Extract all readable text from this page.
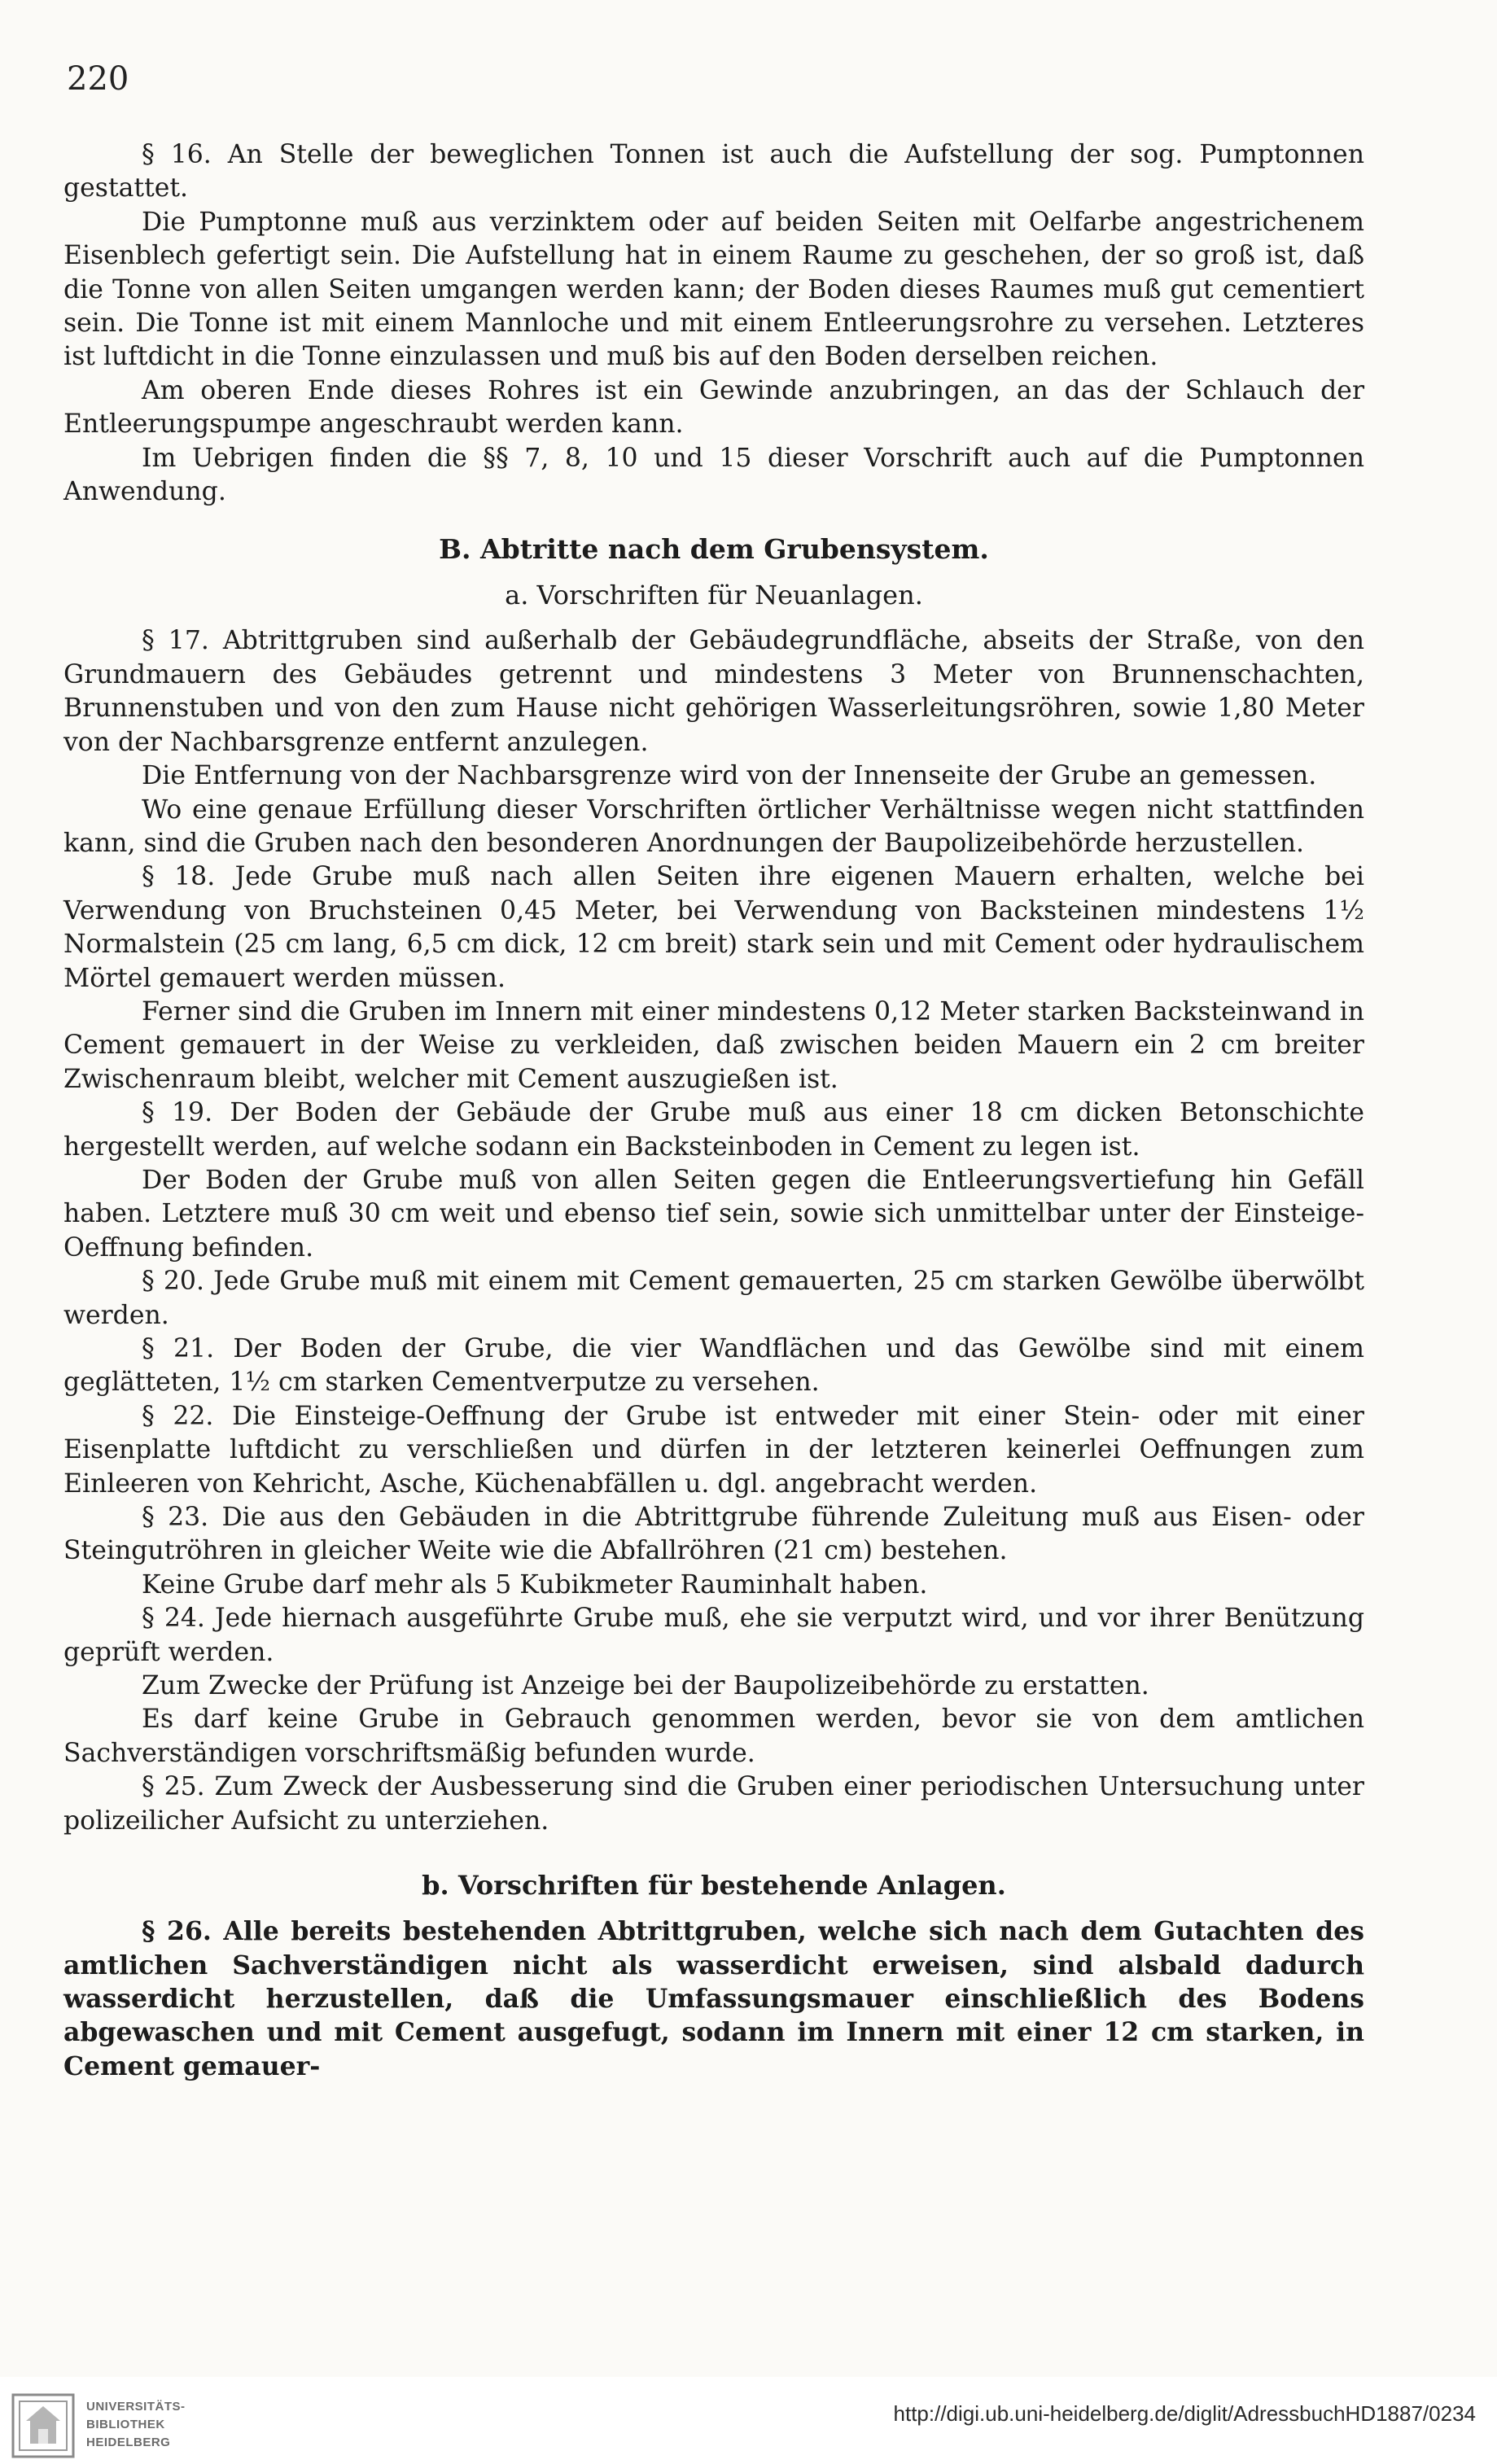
220

§ 16. An Stelle der beweglichen Tonnen ist auch die Aufstellung der sog. Pumptonnen gestattet.

Die Pumptonne muß aus verzinktem oder auf beiden Seiten mit Oelfarbe angestrichenem Eisenblech gefertigt sein. Die Aufstellung hat in einem Raume zu geschehen, der so groß ist, daß die Tonne von allen Seiten umgangen werden kann; der Boden dieses Raumes muß gut cementiert sein. Die Tonne ist mit einem Mannloche und mit einem Entleerungsrohre zu versehen. Letzteres ist luftdicht in die Tonne einzulassen und muß bis auf den Boden derselben reichen.

Am oberen Ende dieses Rohres ist ein Gewinde anzubringen, an das der Schlauch der Entleerungspumpe angeschraubt werden kann.

Im Uebrigen finden die §§ 7, 8, 10 und 15 dieser Vorschrift auch auf die Pumptonnen Anwendung.

B. Abtritte nach dem Grubensystem.

a. Vorschriften für Neuanlagen.

§ 17. Abtrittgruben sind außerhalb der Gebäudegrundfläche, abseits der Straße, von den Grundmauern des Gebäudes getrennt und mindestens 3 Meter von Brunnenschachten, Brunnenstuben und von den zum Hause nicht gehörigen Wasserleitungsröhren, sowie 1,80 Meter von der Nachbarsgrenze entfernt anzulegen.

Die Entfernung von der Nachbarsgrenze wird von der Innenseite der Grube an gemessen.

Wo eine genaue Erfüllung dieser Vorschriften örtlicher Verhältnisse wegen nicht stattfinden kann, sind die Gruben nach den besonderen Anordnungen der Baupolizeibehörde herzustellen.

§ 18. Jede Grube muß nach allen Seiten ihre eigenen Mauern erhalten, welche bei Verwendung von Bruchsteinen 0,45 Meter, bei Verwendung von Backsteinen mindestens 1½ Normalstein (25 cm lang, 6,5 cm dick, 12 cm breit) stark sein und mit Cement oder hydraulischem Mörtel gemauert werden müssen.

Ferner sind die Gruben im Innern mit einer mindestens 0,12 Meter starken Backsteinwand in Cement gemauert in der Weise zu verkleiden, daß zwischen beiden Mauern ein 2 cm breiter Zwischenraum bleibt, welcher mit Cement auszugießen ist.

§ 19. Der Boden der Gebäude der Grube muß aus einer 18 cm dicken Betonschichte hergestellt werden, auf welche sodann ein Backsteinboden in Cement zu legen ist.

Der Boden der Grube muß von allen Seiten gegen die Entleerungsvertiefung hin Gefäll haben. Letztere muß 30 cm weit und ebenso tief sein, sowie sich unmittelbar unter der Einsteige-Oeffnung befinden.

§ 20. Jede Grube muß mit einem mit Cement gemauerten, 25 cm starken Gewölbe überwölbt werden.

§ 21. Der Boden der Grube, die vier Wandflächen und das Gewölbe sind mit einem geglätteten, 1½ cm starken Cementverputze zu versehen.

§ 22. Die Einsteige-Oeffnung der Grube ist entweder mit einer Stein- oder mit einer Eisenplatte luftdicht zu verschließen und dürfen in der letzteren keinerlei Oeffnungen zum Einleeren von Kehricht, Asche, Küchenabfällen u. dgl. angebracht werden.

§ 23. Die aus den Gebäuden in die Abtrittgrube führende Zuleitung muß aus Eisen- oder Steingutröhren in gleicher Weite wie die Abfallröhren (21 cm) bestehen.

Keine Grube darf mehr als 5 Kubikmeter Rauminhalt haben.

§ 24. Jede hiernach ausgeführte Grube muß, ehe sie verputzt wird, und vor ihrer Benützung geprüft werden.

Zum Zwecke der Prüfung ist Anzeige bei der Baupolizeibehörde zu erstatten.

Es darf keine Grube in Gebrauch genommen werden, bevor sie von dem amtlichen Sachverständigen vorschriftsmäßig befunden wurde.

§ 25. Zum Zweck der Ausbesserung sind die Gruben einer periodischen Untersuchung unter polizeilicher Aufsicht zu unterziehen.

b. Vorschriften für bestehende Anlagen.

§ 26. Alle bereits bestehenden Abtrittgruben, welche sich nach dem Gutachten des amtlichen Sachverständigen nicht als wasserdicht erweisen, sind alsbald dadurch wasserdicht herzustellen, daß die Umfassungsmauer einschließlich des Bodens abgewaschen und mit Cement ausgefugt, sodann im Innern mit einer 12 cm starken, in Cement gemauer-

UNIVERSITÄTS-
BIBLIOTHEK
HEIDELBERG
http://digi.ub.uni-heidelberg.de/diglit/AdressbuchHD1887/0234
